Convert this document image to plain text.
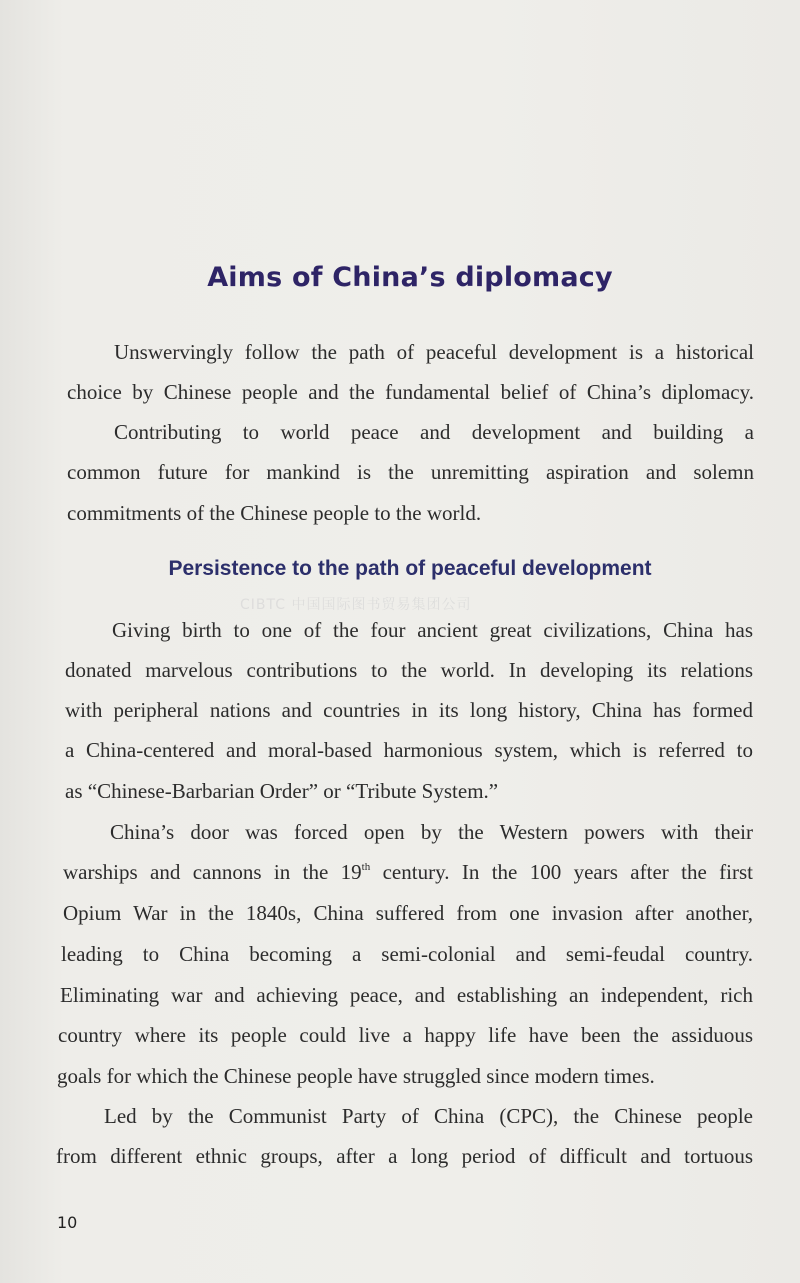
Aims of China’s diplomacy
Unswervingly follow the path of peaceful development is a historical
choice by Chinese people and the fundamental belief of China’s diplomacy.
Contributing to world peace and development and building a
common future for mankind is the unremitting aspiration and solemn
commitments of the Chinese people to the world.
Persistence to the path of peaceful development
CIBTC 中国国际图书贸易集团公司
Giving birth to one of the four ancient great civilizations, China has
donated marvelous contributions to the world. In developing its relations
with peripheral nations and countries in its long history, China has formed
a China-centered and moral-based harmonious system, which is referred to
as “Chinese-Barbarian Order” or “Tribute System.”
China’s door was forced open by the Western powers with their
warships and cannons in the 19th century. In the 100 years after the first
Opium War in the 1840s, China suffered from one invasion after another,
leading to China becoming a semi-colonial and semi-feudal country.
Eliminating war and achieving peace, and establishing an independent, rich
country where its people could live a happy life have been the assiduous
goals for which the Chinese people have struggled since modern times.
Led by the Communist Party of China (CPC), the Chinese people
from different ethnic groups, after a long period of difficult and tortuous
10
